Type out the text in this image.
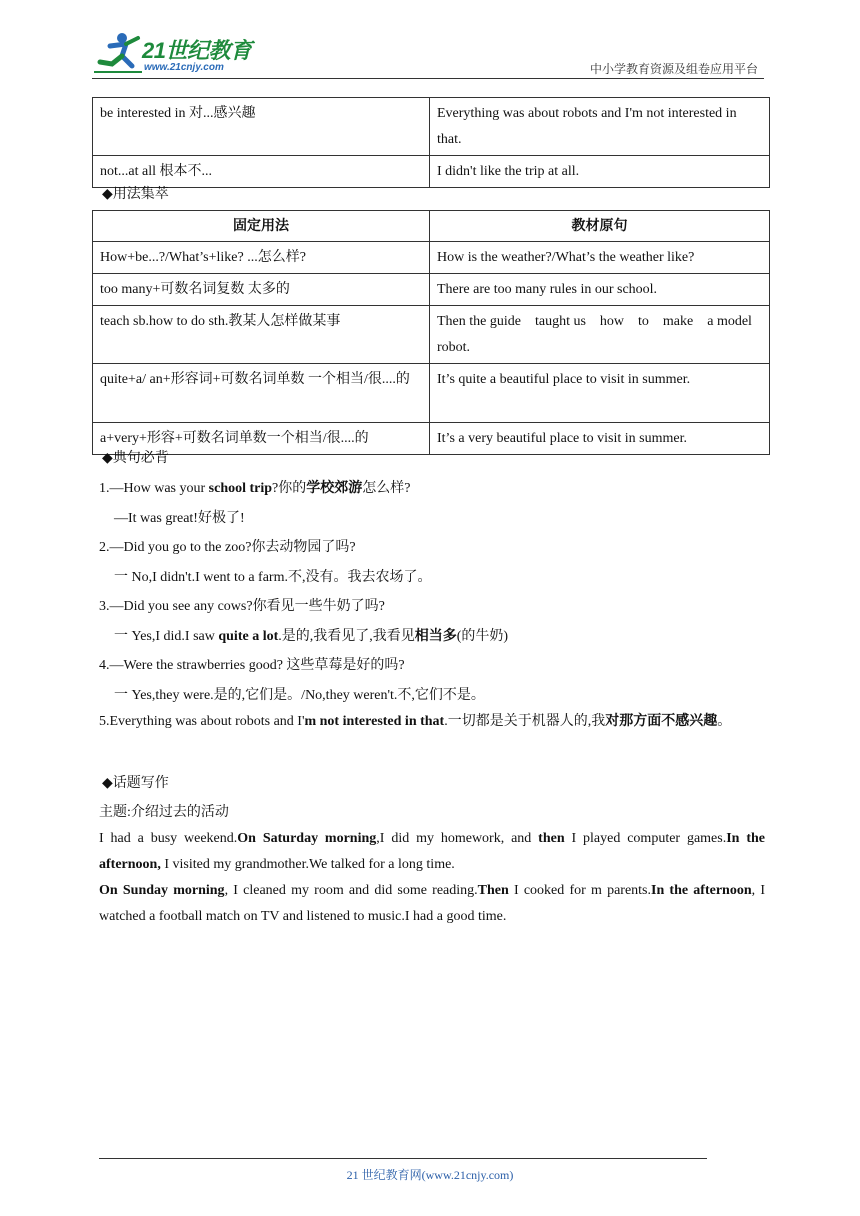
21世纪教育
www.21cnjy.com	中小学教育资源及组卷应用平台
be interested in 对...感兴趣	Everything was about robots and I'm not interested in that.
not...at all 根本不...	I didn't like the trip at all.
◆用法集萃
固定用法	教材原句
How+be...?/What’s+like? ...怎么样?	How is the weather?/What’s the weather like?
too many+可数名词复数 太多的	There are too many rules in our school.
teach sb.how to do sth.教某人怎样做某事	Then the guide    taught us    how    to    make    a model    robot.
quite+a/ an+形容词+可数名词单数 一个相当/很....的	It’s quite a beautiful place to visit in summer.
a+very+形容+可数名词单数一个相当/很....的	It’s a very beautiful place to visit in summer.
◆典句必背
1.—How was your school trip?你的学校郊游怎么样?
—It was great!好极了!
2.—Did you go to the zoo?你去动物园了吗?
一 No,I didn't.I went to a farm.不,没有。我去农场了。
3.—Did you see any cows?你看见一些牛奶了吗?
一 Yes,I did.I saw quite a lot.是的,我看见了,我看见相当多(的牛奶)
4.—Were the strawberries good? 这些草莓是好的吗?
一 Yes,they were.是的,它们是。/No,they weren't.不,它们不是。
5.Everything was about robots and I'm not interested in that.一切都是关于机器人的,我对那方面不感兴趣。
◆话题写作
主题:介绍过去的活动
I had a busy weekend.On Saturday morning,I did my homework, and then I played computer games.In the afternoon, I visited my grandmother.We talked for a long time.
On Sunday morning, I cleaned my room and did some reading.Then I cooked for m parents.In the afternoon, I watched a football match on TV and listened to music.I had a good time.
21 世纪教育网(www.21cnjy.com)
